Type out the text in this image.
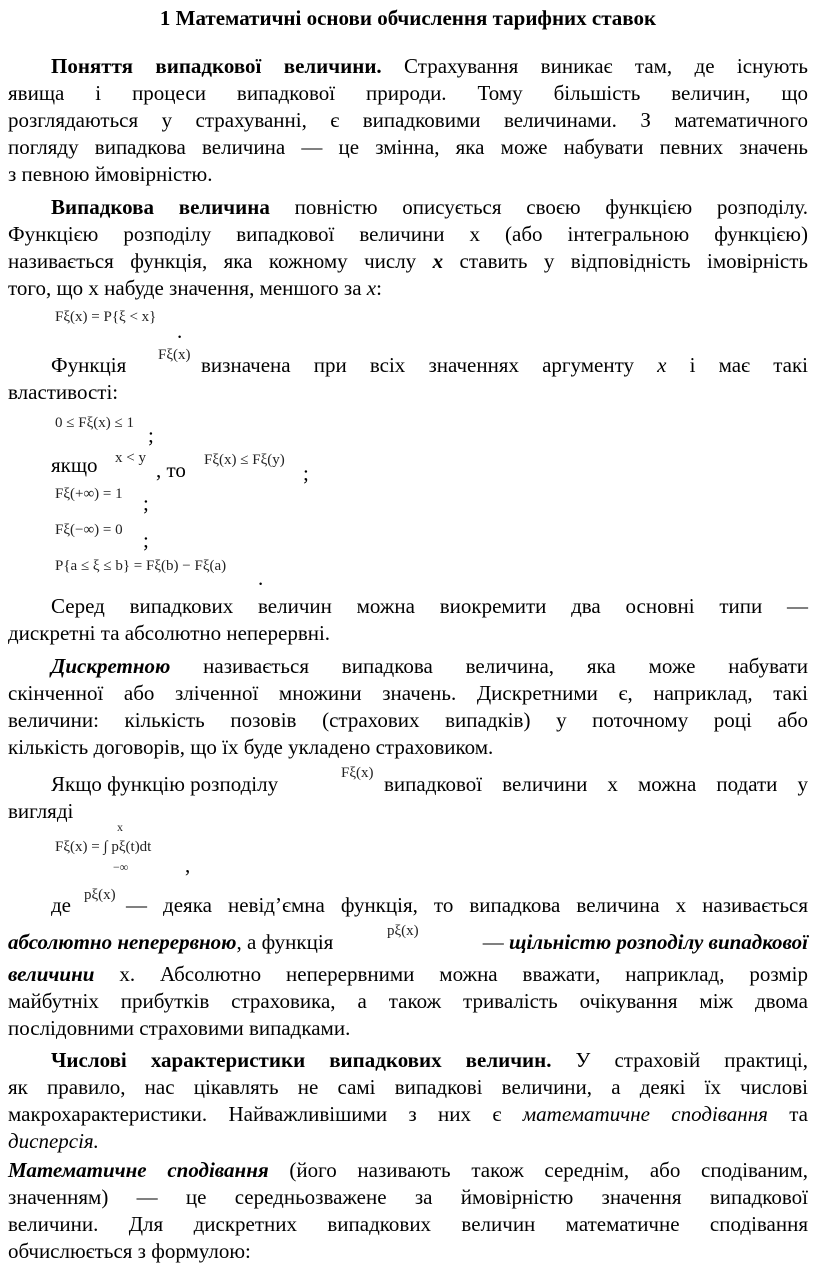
1 Математичні основи обчислення тарифних ставок
Поняття випадкової величини. Страхування виникає там, де існують
явища і процеси випадкової природи. Тому більшість величин, що
розглядаються у страхуванні, є випадковими величинами. З математичного
погляду випадкова величина — це змінна, яка може набувати певних значень
з певною ймовірністю.
Випадкова величина повністю описується своєю функцією розподілу.
Функцією розподілу випадкової величини x (або інтегральною функцією)
називається функція, яка кожному числу x ставить у відповідність імовірність
того, що x набуде значення, меншого за x:
Fξ(x) = P{ξ < x}
.
Функція	Fξ(x) визначена при всіх значеннях аргументу x і має такі
властивості:
0 ≤ Fξ(x) ≤ 1 ;
якщо	x < y , то	Fξ(x) ≤ Fξ(y)
;
Fξ(+∞) = 1 ;
Fξ(−∞) = 0 ;
P{a ≤ ξ ≤ b} = Fξ(b) − Fξ(a) .
Серед випадкових величин можна виокремити два основні типи —
дискретні та абсолютно неперервні.
Дискретною називається випадкова величина, яка може набувати
скінченної або зліченної множини значень. Дискретними є, наприклад, такі
величини: кількість позовів (страхових випадків) у поточному році або
кількість договорів, що їх буде укладено страховиком.
Якщо функцію розподілу	Fξ(x) випадкової величини x можна подати у
вигляді
x
Fξ(x) = ∫ pξ(t)dt
−∞	,
де pξ(x) — деяка невід’ємна функція, то випадкова величина x називається
абсолютно неперервною, а функція	pξ(x)	— щільністю розподілу випадкової
величини x. Абсолютно неперервними можна вважати, наприклад, розмір
майбутніх прибутків страховика, а також тривалість очікування між двома
послідовними страховими випадками.
Числові характеристики випадкових величин. У страховій практиці,
як правило, нас цікавлять не самі випадкові величини, а деякі їх числові
макрохарактеристики. Найважливішими з них є математичне сподівання та
дисперсія.
Математичне сподівання (його називають також середнім, або сподіваним,
значенням) — це середньозважене за ймовірністю значення випадкової
величини. Для дискретних випадкових величин математичне сподівання
обчислюється з формулою:
